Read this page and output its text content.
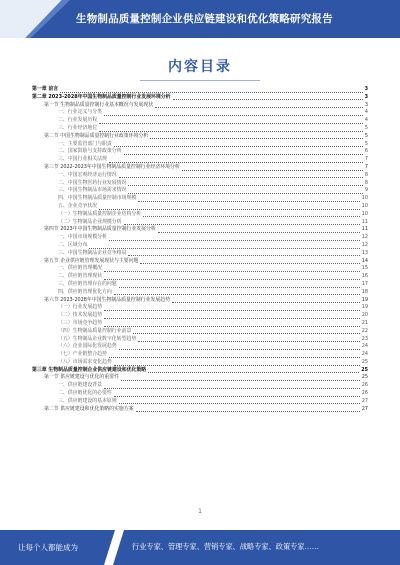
生物制品质量控制企业供应链建设和优化策略研究报告
内容目录
第一章 前言	3
第二章 2023-2028年中国生物制品质量控制行业发展环境分析	3
第一节 生物制品质量控制行业基本概况与发展现状	3
一、行业定义与分类	4
二、行业发展历程	4
三、行业经济地位	5
第二节 中国生物制品质量控制行业政策环境分析	5
一、主要监管部门与职责	5
二、国家鼓励与支持政策分析	6
三、中国行业相关法规	7
第三节 2022-2023年中国生物制品质量控制行业经济环境分析	7
一、中国宏观经济运行情况	8
二、中国生物医药行业发展情况	8
三、中国生物制品市场需求情况	9
四、中国生物制品质量控制市场规模	10
五、企业竞争状况	10
（一）生物制品质量控制企业结构分析	10
（二）生物制品企业规模分析	11
第四节 2023年中国生物制品质量控制行业发展分析	11
一、中国市场规模分析	12
二、区域分布	12
三、中国生物制品企业竞争格局	13
第五节 企业供应链管理发展现状与主要问题	14
一、供应链管理概况	15
二、供应链管理现状	16
三、供应链管理存在的问题	17
四、供应链管理优化方向	18
第六节 2023-2028年中国生物制品质量控制行业发展趋势	19
（一）行业发展趋势	19
（二）技术发展趋势	20
（三）市场竞争趋势	21
（四）生物制品质量控制行业前景	22
（五）生物制品企业数字化转型趋势	23
（六）企业国际化发展趋势	24
（七）产业链整合趋势	24
（八）市场需求变化趋势	25
第三章 生物制品质量控制企业供应链建设和优化策略	25
第一节 供应链建设与优化的重要性	25
一、供应链建设背景	26
二、供应链优化的必要性	26
三、供应链建设的基本原则	27
第二节 供应链建设和优化策略的实施方案	27
1
让每个人都能成为	行业专家、管理专家、营销专家、战略专家、政策专家……
